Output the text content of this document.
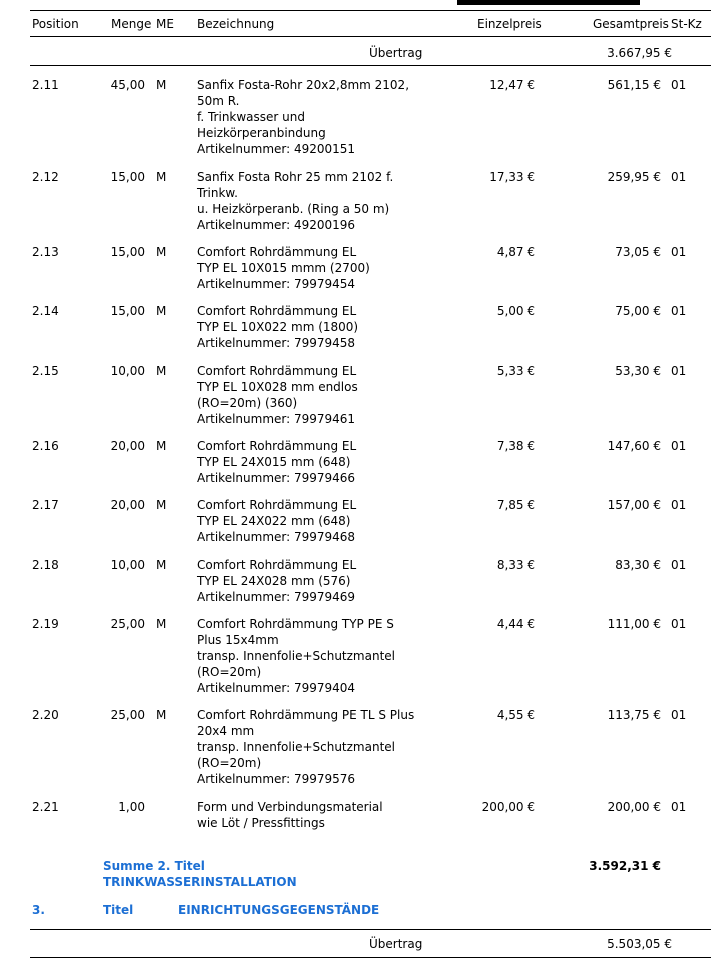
Position	Menge ME Bezeichnung	Einzelpreis	Gesamtpreis St-Kz
Übertrag	3.667,95 €
2.11	45,00 M	Sanfix Fosta-Rohr 20x2,8mm 2102,
50m R.
f. Trinkwasser und
Heizkörperanbindung
Artikelnummer: 49200151
12,47 €	561,15 € 01
2.12	15,00 M	Sanfix Fosta Rohr 25 mm 2102 f.
Trinkw.
u. Heizkörperanb. (Ring a 50 m)
Artikelnummer: 49200196
17,33 €	259,95 € 01
2.13	15,00 M	Comfort Rohrdämmung EL
TYP EL 10X015 mmm (2700)
Artikelnummer: 79979454
4,87 €	73,05 € 01
2.14	15,00 M	Comfort Rohrdämmung EL
TYP EL 10X022 mm (1800)
Artikelnummer: 79979458
5,00 €	75,00 € 01
2.15	10,00 M	Comfort Rohrdämmung EL
TYP EL 10X028 mm endlos
(RO=20m) (360)
Artikelnummer: 79979461
5,33 €	53,30 € 01
2.16	20,00 M	Comfort Rohrdämmung EL
TYP EL 24X015 mm (648)
Artikelnummer: 79979466
7,38 €	147,60 € 01
2.17	20,00 M	Comfort Rohrdämmung EL
TYP EL 24X022 mm (648)
Artikelnummer: 79979468
7,85 €	157,00 € 01
2.18	10,00 M	Comfort Rohrdämmung EL
TYP EL 24X028 mm (576)
Artikelnummer: 79979469
8,33 €	83,30 € 01
2.19	25,00 M	Comfort Rohrdämmung TYP PE S
Plus 15x4mm
transp. Innenfolie+Schutzmantel
(RO=20m)
Artikelnummer: 79979404
4,44 €	111,00 € 01
2.20	25,00 M	Comfort Rohrdämmung PE TL S Plus
20x4 mm
transp. Innenfolie+Schutzmantel
(RO=20m)
Artikelnummer: 79979576
4,55 €	113,75 € 01
2.21	1,00	Form und Verbindungsmaterial
wie Löt / Pressfittings
200,00 €	200,00 € 01
Summe 2. Titel
TRINKWASSERINSTALLATION
3.592,31 €
3.	Titel	EINRICHTUNGSGEGENSTÄNDE
Übertrag	5.503,05 €
